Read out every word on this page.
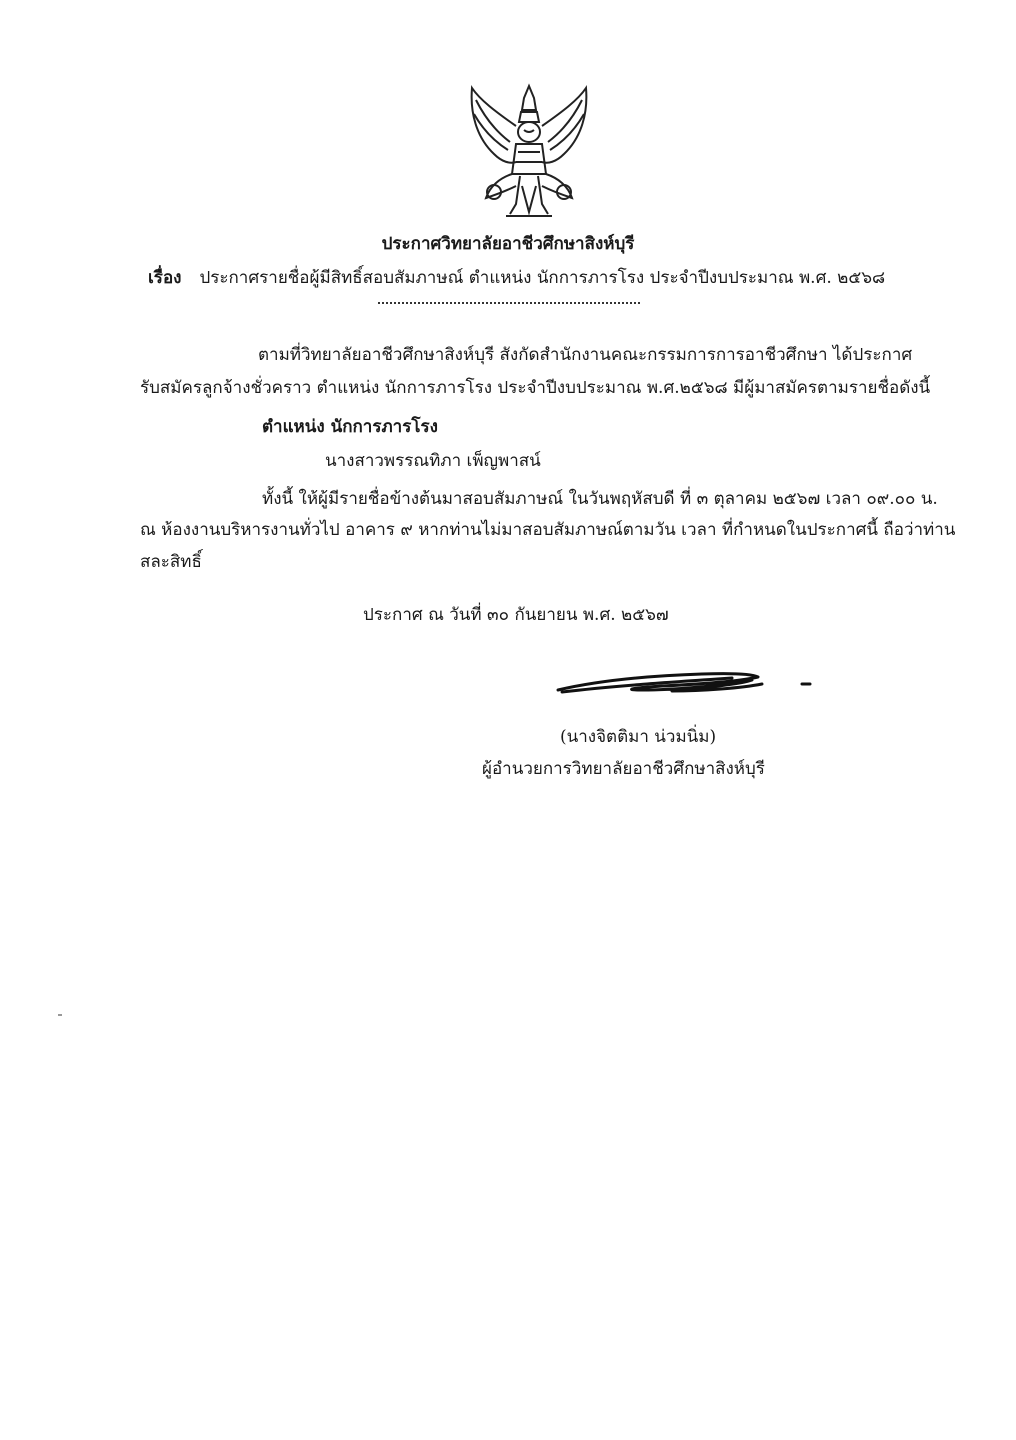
ประกาศวิทยาลัยอาชีวศึกษาสิงห์บุรี
เรื่อง ประกาศรายชื่อผู้มีสิทธิ์สอบสัมภาษณ์ ตำแหน่ง นักการภารโรง ประจำปีงบประมาณ พ.ศ. ๒๕๖๘
ตามที่วิทยาลัยอาชีวศึกษาสิงห์บุรี สังกัดสำนักงานคณะกรรมการการอาชีวศึกษา ได้ประกาศ
รับสมัครลูกจ้างชั่วคราว ตำแหน่ง นักการภารโรง ประจำปีงบประมาณ พ.ศ.๒๕๖๘ มีผู้มาสมัครตามรายชื่อดังนี้
ตำแหน่ง นักการภารโรง
นางสาวพรรณทิภา เพ็ญพาสน์
ทั้งนี้ ให้ผู้มีรายชื่อข้างต้นมาสอบสัมภาษณ์ ในวันพฤหัสบดี ที่ ๓ ตุลาคม ๒๕๖๗ เวลา ๐๙.๐๐ น.
ณ ห้องงานบริหารงานทั่วไป อาคาร ๙ หากท่านไม่มาสอบสัมภาษณ์ตามวัน เวลา ที่กำหนดในประกาศนี้ ถือว่าท่าน
สละสิทธิ์
ประกาศ ณ วันที่ ๓๐ กันยายน พ.ศ. ๒๕๖๗
(นางจิตติมา น่วมนิ่ม)
ผู้อำนวยการวิทยาลัยอาชีวศึกษาสิงห์บุรี
